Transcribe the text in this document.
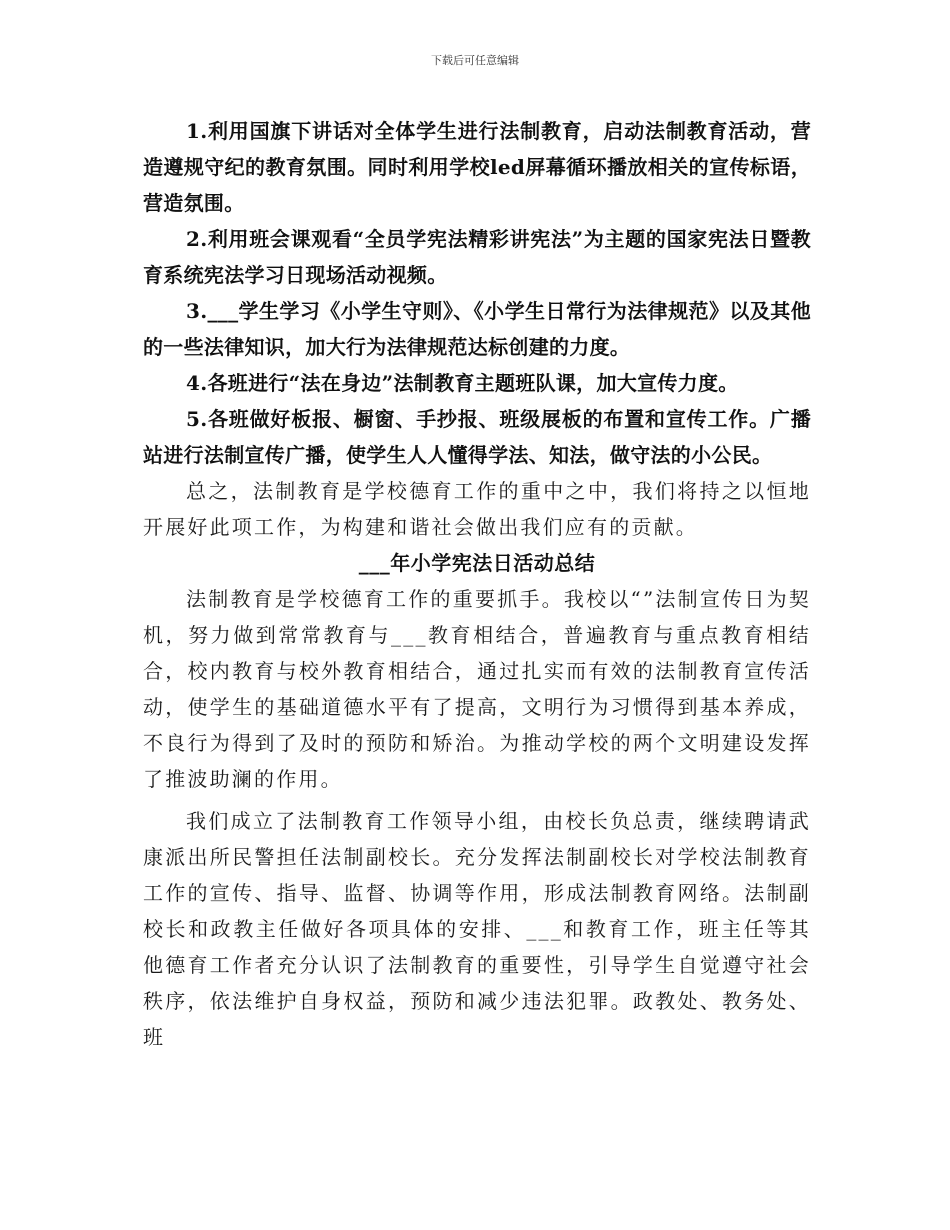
下载后可任意编辑

1.利用国旗下讲话对全体学生进行法制教育，启动法制教育活动，营造遵规守纪的教育氛围。同时利用学校led屏幕循环播放相关的宣传标语，营造氛围。

2.利用班会课观看“全员学宪法精彩讲宪法”为主题的国家宪法日暨教育系统宪法学习日现场活动视频。

3.___学生学习《小学生守则》、《小学生日常行为法律规范》以及其他的一些法律知识，加大行为法律规范达标创建的力度。

4.各班进行“法在身边”法制教育主题班队课，加大宣传力度。

5.各班做好板报、橱窗、手抄报、班级展板的布置和宣传工作。广播站进行法制宣传广播，使学生人人懂得学法、知法，做守法的小公民。

总之，法制教育是学校德育工作的重中之中，我们将持之以恒地开展好此项工作，为构建和谐社会做出我们应有的贡献。

___年小学宪法日活动总结

法制教育是学校德育工作的重要抓手。我校以“”法制宣传日为契机，努力做到常常教育与___教育相结合，普遍教育与重点教育相结合，校内教育与校外教育相结合，通过扎实而有效的法制教育宣传活动，使学生的基础道德水平有了提高，文明行为习惯得到基本养成，不良行为得到了及时的预防和矫治。为推动学校的两个文明建设发挥了推波助澜的作用。

我们成立了法制教育工作领导小组，由校长负总责，继续聘请武康派出所民警担任法制副校长。充分发挥法制副校长对学校法制教育工作的宣传、指导、监督、协调等作用，形成法制教育网络。法制副校长和政教主任做好各项具体的安排、___和教育工作，班主任等其他德育工作者充分认识了法制教育的重要性，引导学生自觉遵守社会秩序，依法维护自身权益，预防和减少违法犯罪。政教处、教务处、班
